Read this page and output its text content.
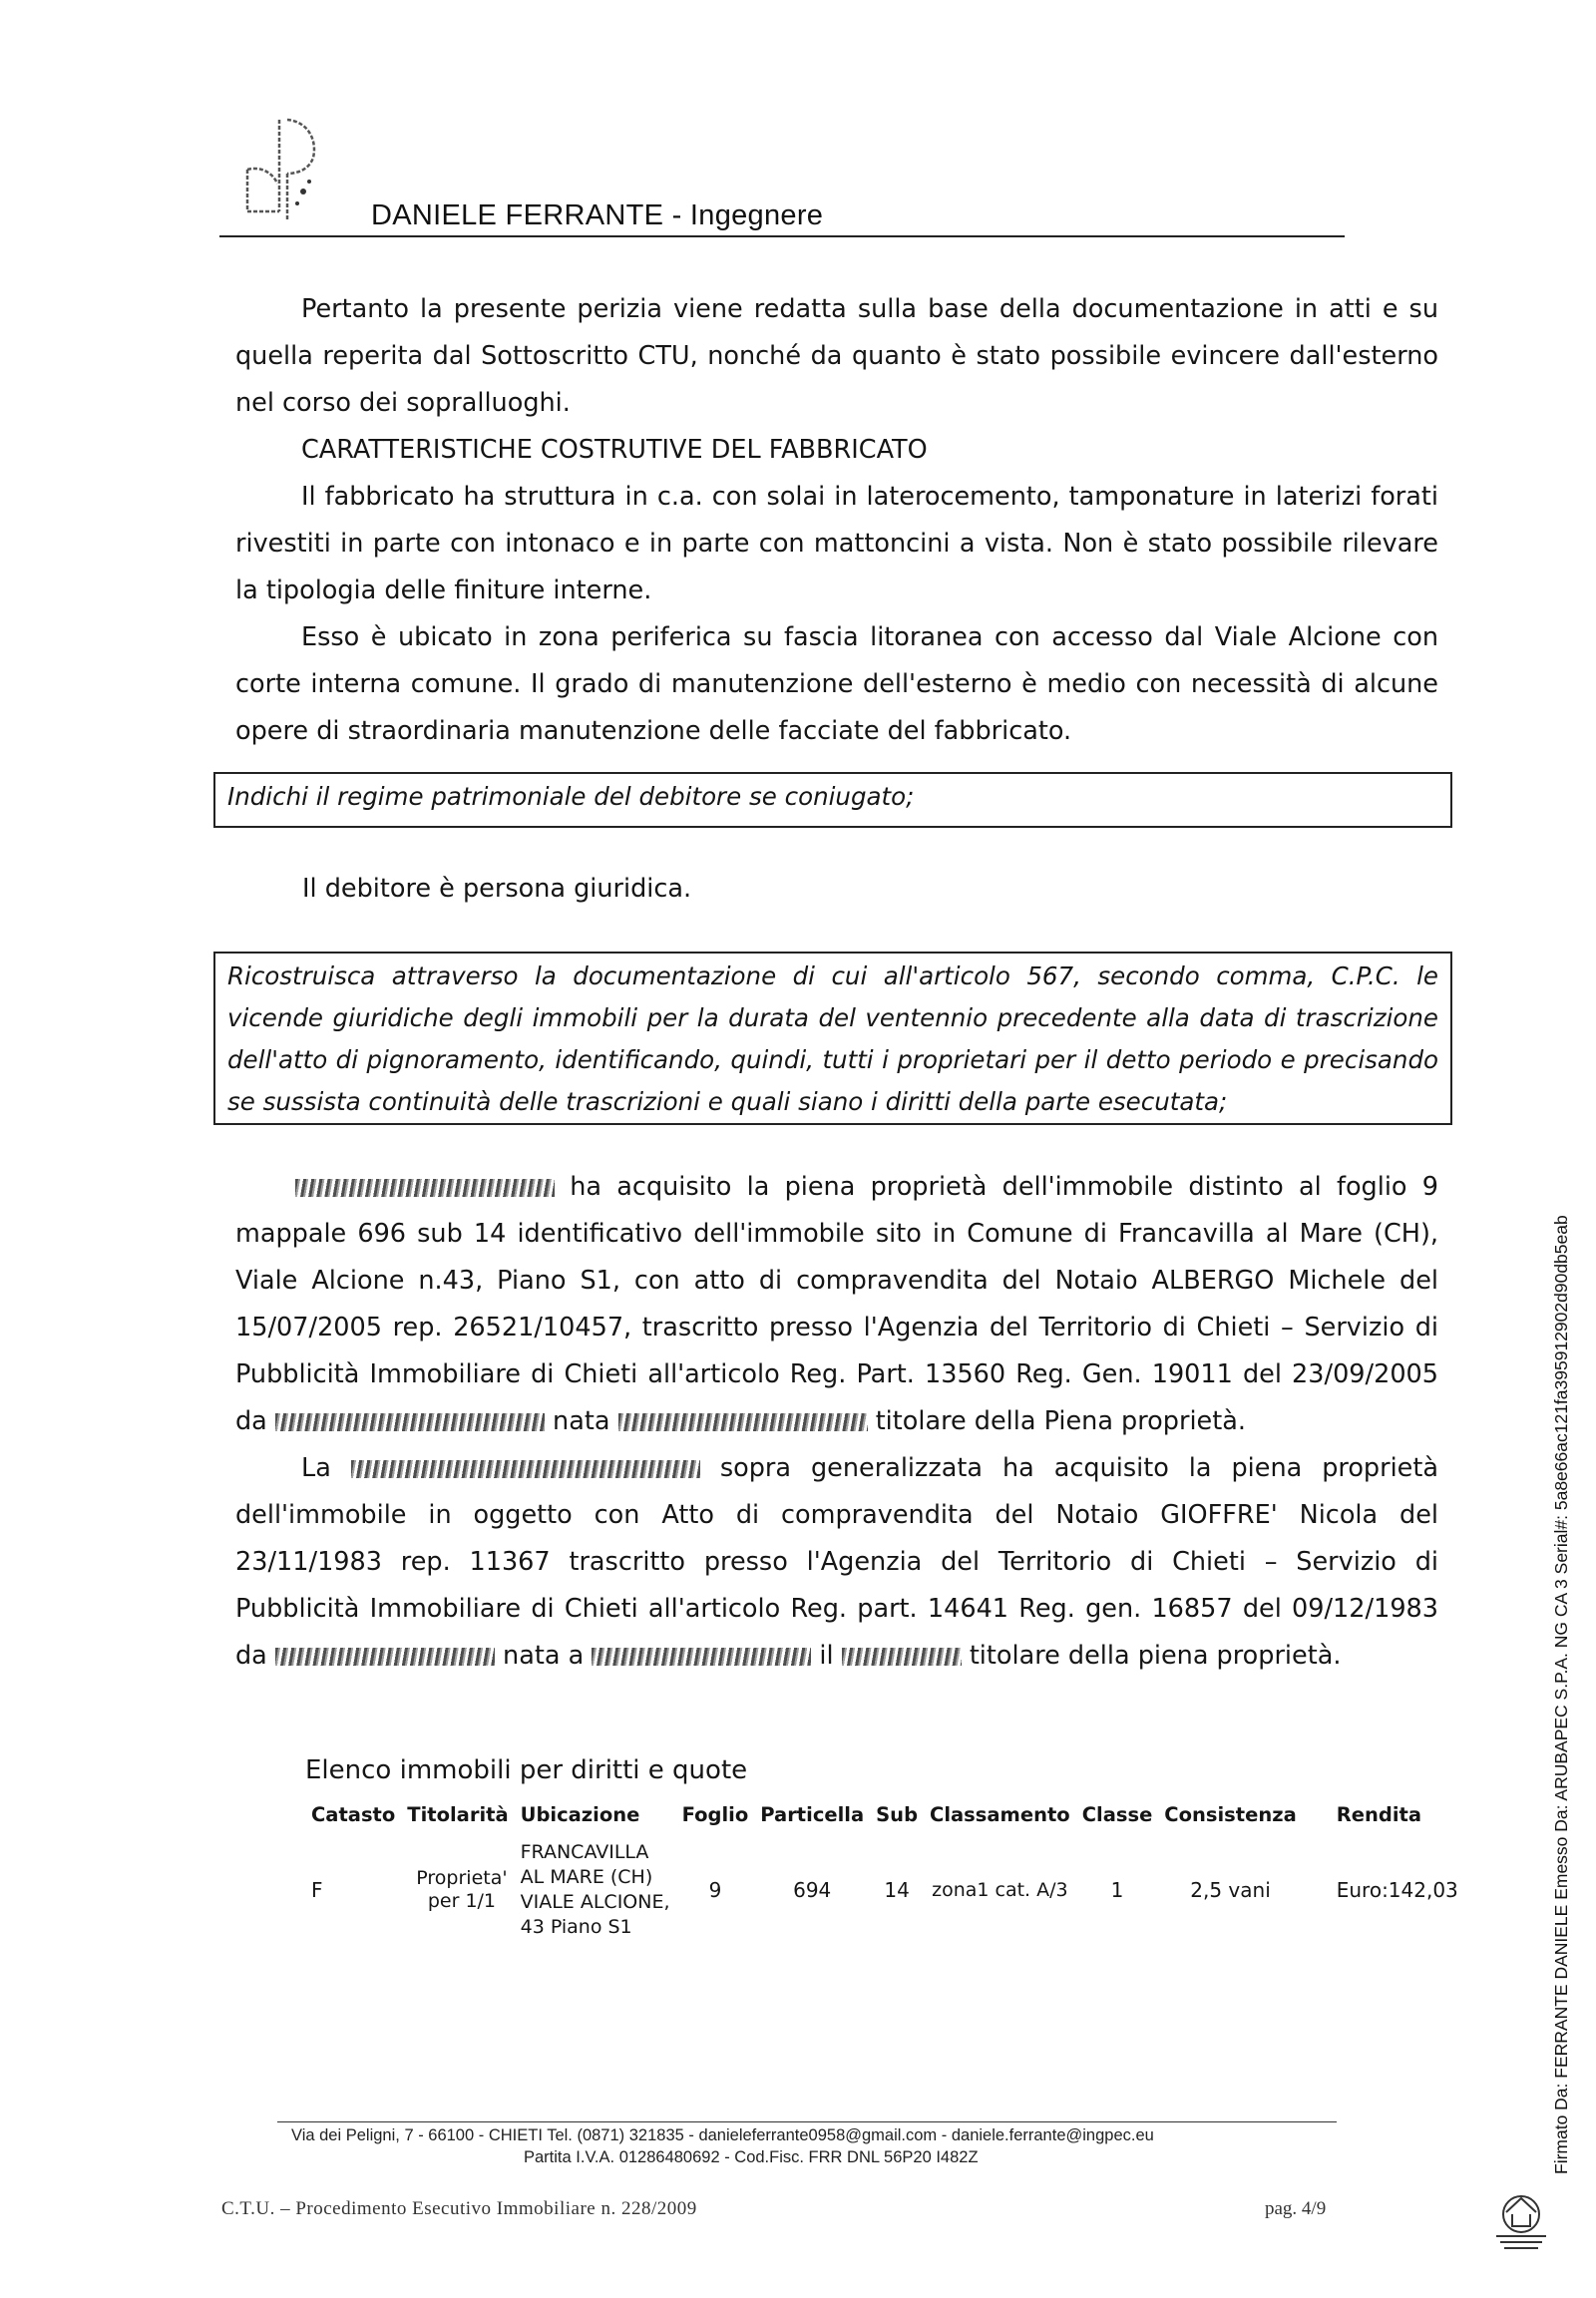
DANIELE FERRANTE - Ingegnere

Pertanto la presente perizia viene redatta sulla base della documentazione in atti e su quella reperita dal Sottoscritto CTU, nonché da quanto è stato possibile evincere dall'esterno nel corso dei sopralluoghi.

CARATTERISTICHE COSTRUTIVE DEL FABBRICATO

Il fabbricato ha struttura in c.a. con solai in laterocemento, tamponature in laterizi forati rivestiti in parte con intonaco e in parte con mattoncini a vista. Non è stato possibile rilevare la tipologia delle finiture interne.

Esso è ubicato in zona periferica su fascia litoranea con accesso dal Viale Alcione con corte interna comune. Il grado di manutenzione dell'esterno è medio con necessità di alcune opere di straordinaria manutenzione delle facciate del fabbricato.

Indichi il regime patrimoniale del debitore se coniugato;
Il debitore è persona giuridica.
Ricostruisca attraverso la documentazione di cui all'articolo 567, secondo comma, C.P.C. le vicende giuridiche degli immobili per la durata del ventennio precedente alla data di trascrizione dell'atto di pignoramento, identificando, quindi, tutti i proprietari per il detto periodo e precisando se sussista continuità delle trascrizioni e quali siano i diritti della parte esecutata;

ha acquisito la piena proprietà dell'immobile distinto al foglio 9 mappale 696 sub 14 identificativo dell'immobile sito in Comune di Francavilla al Mare (CH), Viale Alcione n.43, Piano S1, con atto di compravendita del Notaio ALBERGO Michele del 15/07/2005 rep. 26521/10457, trascritto presso l'Agenzia del Territorio di Chieti – Servizio di Pubblicità Immobiliare di Chieti all'articolo Reg. Part. 13560 Reg. Gen. 19011 del 23/09/2005 da	nata	titolare della Piena proprietà.

La	sopra generalizzata ha acquisito la piena proprietà dell'immobile in oggetto con Atto di compravendita del Notaio GIOFFRE' Nicola del 23/11/1983 rep. 11367 trascritto presso l'Agenzia del Territorio di Chieti – Servizio di Pubblicità Immobiliare di Chieti all'articolo Reg. part. 14641 Reg. gen. 16857 del 09/12/1983 da	nata a	il	titolare della piena proprietà.

Elenco immobili per diritti e quote
Catasto	Titolarità	Ubicazione	Foglio	Particella	Sub	Classamento	Classe	Consistenza	Rendita
F	Proprieta' per 1/1	FRANCAVILLA AL MARE (CH) VIALE ALCIONE, 43 Piano S1	9	694	14	zona1 cat. A/3	1	2,5 vani	Euro:142,03
Via dei Peligni, 7 - 66100 - CHIETI Tel. (0871) 321835 - danieleferrante0958@gmail.com - daniele.ferrante@ingpec.eu
Partita I.V.A. 01286480692 - Cod.Fisc. FRR DNL 56P20 I482Z
C.T.U. – Procedimento Esecutivo Immobiliare n. 228/2009	pag. 4/9
Firmato Da: FERRANTE DANIELE Emesso Da: ARUBAPEC S.P.A. NG CA 3 Serial#: 5a8e66ac121fa395912902d90db5eab
